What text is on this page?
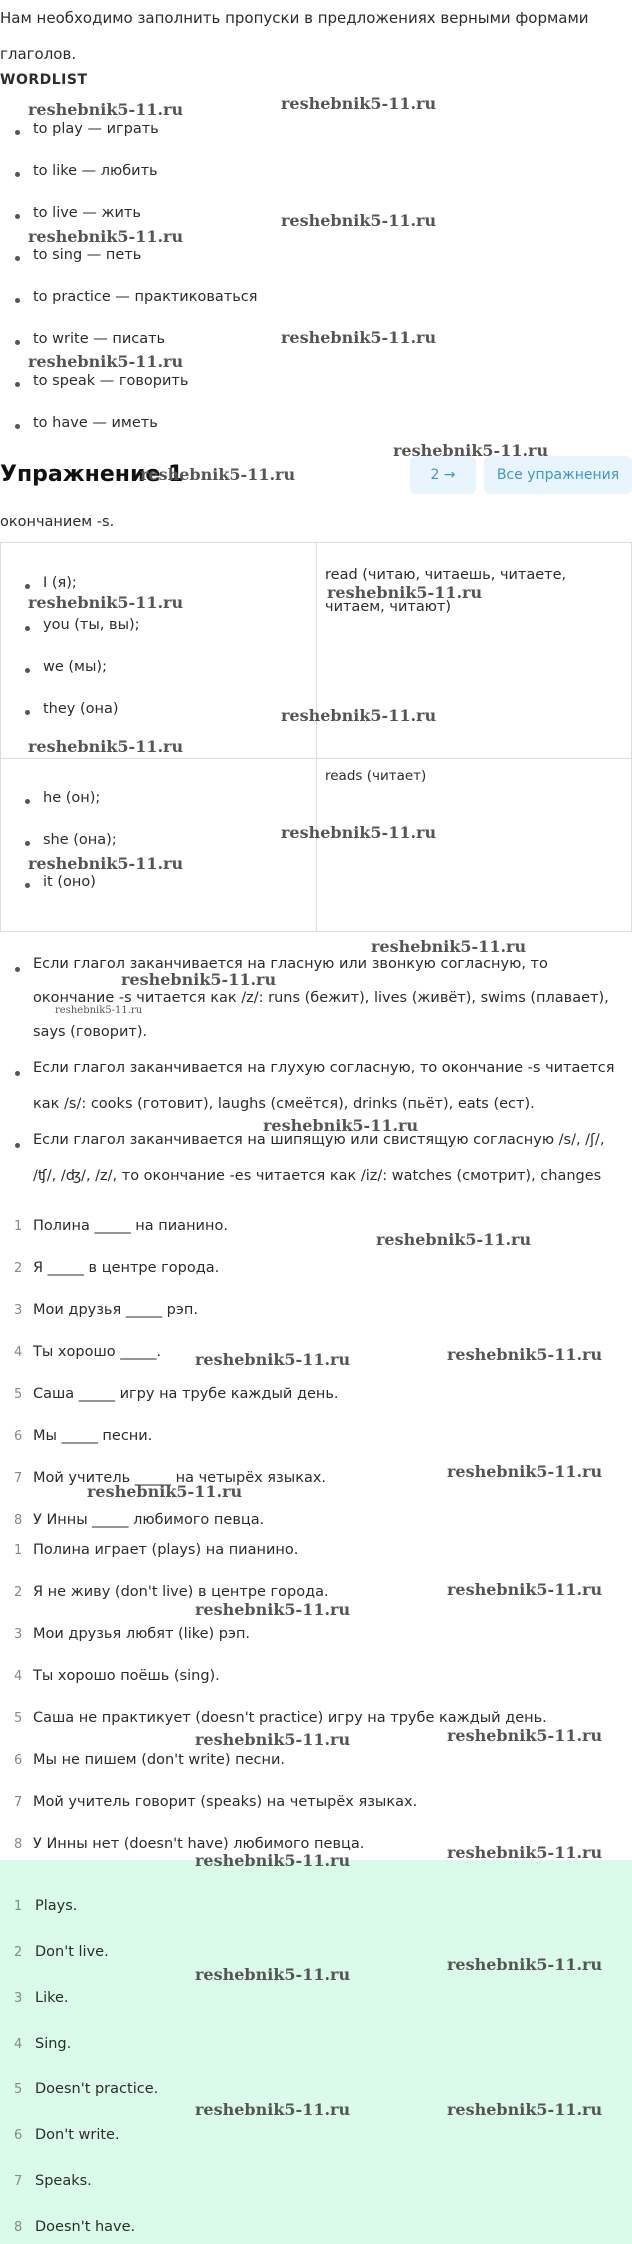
Нам необходимо заполнить пропуски в предложениях верными формами глаголов.
WORDLIST
to play — играть
to like — любить
to live — жить
to sing — петь
to practice — практиковаться
to write — писать
to speak — говорить
to have — иметь
Упражнение 1	2 →	Все упражнения
окончанием -s.
I (я);
you (ты, вы);
we (мы);
they (она)
read (читаю, читаешь, читаете,
читаем, читают)
he (он);
she (она);
it (оно)
reads (читает)
Если глагол заканчивается на гласную или звонкую согласную, то
окончание -s читается как /z/: runs (бежит), lives (живёт), swims (плавает),
says (говорит).
Если глагол заканчивается на глухую согласную, то окончание -s читается
как /s/: cooks (готовит), laughs (смеётся), drinks (пьёт), eats (ест).
Если глагол заканчивается на шипящую или свистящую согласную /s/, /ʃ/,
/ʧ/, /ʤ/, /z/, то окончание -es читается как /iz/: watches (смотрит), changes
1 Полина _____ на пианино.
2 Я _____ в центре города.
3 Мои друзья _____ рэп.
4 Ты хорошо _____.
5 Саша _____ игру на трубе каждый день.
6 Мы _____ песни.
7 Мой учитель _____ на четырёх языках.
8 У Инны _____ любимого певца.
1 Полина играет (plays) на пианино.
2 Я не живу (don't live) в центре города.
3 Мои друзья любят (like) рэп.
4 Ты хорошо поёшь (sing).
5 Саша не практикует (doesn't practice) игру на трубе каждый день.
6 Мы не пишем (don't write) песни.
7 Мой учитель говорит (speaks) на четырёх языках.
8 У Инны нет (doesn't have) любимого певца.
1 Plays.
2 Don't live.
3 Like.
4 Sing.
5 Doesn't practice.
6 Don't write.
7 Speaks.
8 Doesn't have.
reshebnik5-11.ru	reshebnik5-11.ru
reshebnik5-11.ru
reshebnik5-11.ru
reshebnik5-11.ru
reshebnik5-11.ru
reshebnik5-11.ru
reshebnik5-11.ru
reshebnik5-11.ru
reshebnik5-11.ru
reshebnik5-11.ru
reshebnik5-11.ru
reshebnik5-11.ru
reshebnik5-11.ru
reshebnik5-11.ru
reshebnik5-11.ru
reshebnik5-11.ru
reshebnik5-11.ru
reshebnik5-11.ru
reshebnik5-11.ru	reshebnik5-11.ru
reshebnik5-11.ru
reshebnik5-11.ru
reshebnik5-11.ru
reshebnik5-11.ru
reshebnik5-11.ru
reshebnik5-11.ru
reshebnik5-11.ru
reshebnik5-11.ru
reshebnik5-11.ru
reshebnik5-11.ru
reshebnik5-11.ru
reshebnik5-11.ru
